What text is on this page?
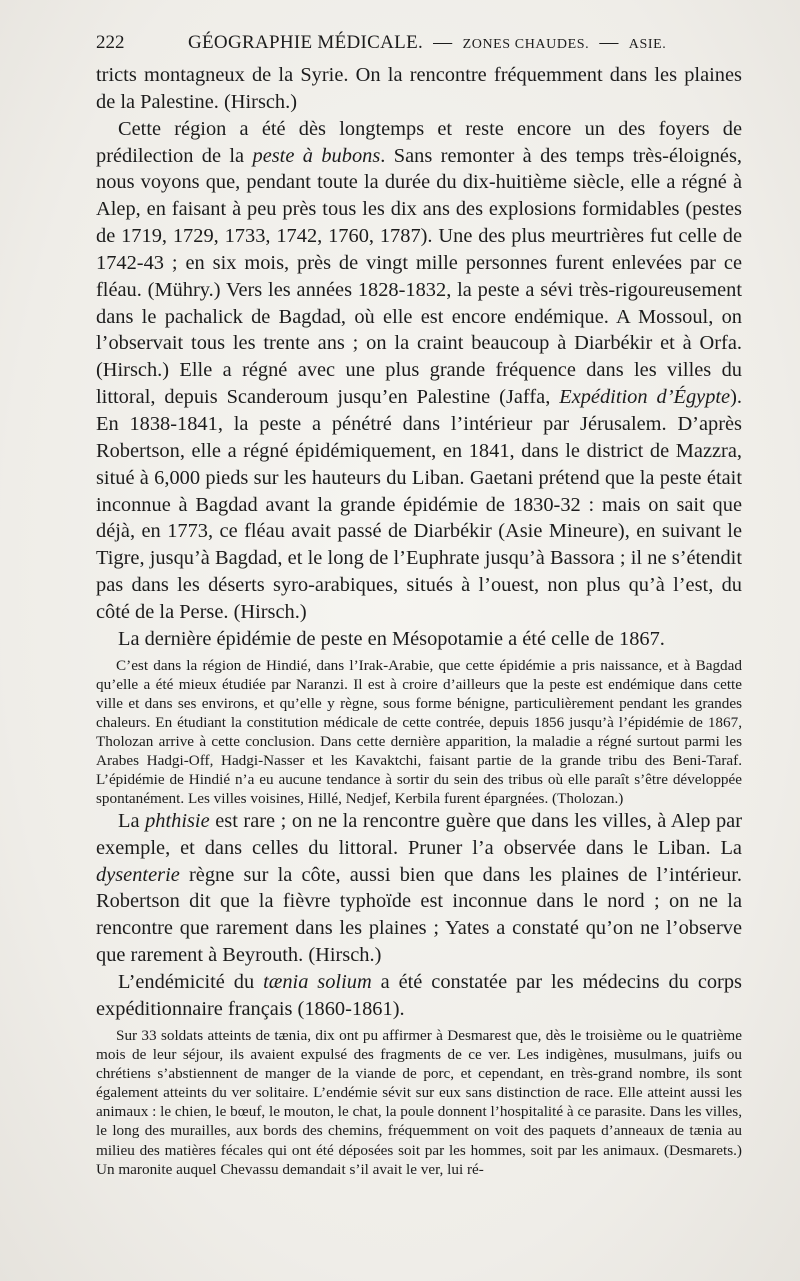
222	GÉOGRAPHIE MÉDICALE. — ZONES CHAUDES. — ASIE.

tricts montagneux de la Syrie. On la rencontre fréquemment dans les plaines de la Palestine. (Hirsch.)

Cette région a été dès longtemps et reste encore un des foyers de prédilection de la peste à bubons. Sans remonter à des temps très-éloignés, nous voyons que, pendant toute la durée du dix-huitième siècle, elle a régné à Alep, en faisant à peu près tous les dix ans des explosions formidables (pestes de 1719, 1729, 1733, 1742, 1760, 1787). Une des plus meurtrières fut celle de 1742-43 ; en six mois, près de vingt mille personnes furent enlevées par ce fléau. (Mühry.) Vers les années 1828-1832, la peste a sévi très-rigoureusement dans le pachalick de Bagdad, où elle est encore endémique. A Mossoul, on l’observait tous les trente ans ; on la craint beaucoup à Diarbékir et à Orfa. (Hirsch.) Elle a régné avec une plus grande fréquence dans les villes du littoral, depuis Scanderoum jusqu’en Palestine (Jaffa, Expédition d’Égypte). En 1838-1841, la peste a pénétré dans l’intérieur par Jérusalem. D’après Robertson, elle a régné épidémiquement, en 1841, dans le district de Mazzra, situé à 6,000 pieds sur les hauteurs du Liban. Gaetani prétend que la peste était inconnue à Bagdad avant la grande épidémie de 1830-32 : mais on sait que déjà, en 1773, ce fléau avait passé de Diarbékir (Asie Mineure), en suivant le Tigre, jusqu’à Bagdad, et le long de l’Euphrate jusqu’à Bassora ; il ne s’étendit pas dans les déserts syro-arabiques, situés à l’ouest, non plus qu’à l’est, du côté de la Perse. (Hirsch.)

La dernière épidémie de peste en Mésopotamie a été celle de 1867.

C’est dans la région de Hindié, dans l’Irak-Arabie, que cette épidémie a pris naissance, et à Bagdad qu’elle a été mieux étudiée par Naranzi. Il est à croire d’ailleurs que la peste est endémique dans cette ville et dans ses environs, et qu’elle y règne, sous forme bénigne, particulièrement pendant les grandes chaleurs. En étudiant la constitution médicale de cette contrée, depuis 1856 jusqu’à l’épidémie de 1867, Tholozan arrive à cette conclusion. Dans cette dernière apparition, la maladie a régné surtout parmi les Arabes Hadgi-Off, Hadgi-Nasser et les Kavaktchi, faisant partie de la grande tribu des Beni-Taraf. L’épidémie de Hindié n’a eu aucune tendance à sortir du sein des tribus où elle paraît s’être développée spontanément. Les villes voisines, Hillé, Nedjef, Kerbila furent épargnées. (Tholozan.)

La phthisie est rare ; on ne la rencontre guère que dans les villes, à Alep par exemple, et dans celles du littoral. Pruner l’a observée dans le Liban. La dysenterie règne sur la côte, aussi bien que dans les plaines de l’intérieur. Robertson dit que la fièvre typhoïde est inconnue dans le nord ; on ne la rencontre que rarement dans les plaines ; Yates a constaté qu’on ne l’observe que rarement à Beyrouth. (Hirsch.)

L’endémicité du tænia solium a été constatée par les médecins du corps expéditionnaire français (1860-1861).

Sur 33 soldats atteints de tænia, dix ont pu affirmer à Desmarest que, dès le troisième ou le quatrième mois de leur séjour, ils avaient expulsé des fragments de ce ver. Les indigènes, musulmans, juifs ou chrétiens s’abstiennent de manger de la viande de porc, et cependant, en très-grand nombre, ils sont également atteints du ver solitaire. L’endémie sévit sur eux sans distinction de race. Elle atteint aussi les animaux : le chien, le bœuf, le mouton, le chat, la poule donnent l’hospitalité à ce parasite. Dans les villes, le long des murailles, aux bords des chemins, fréquemment on voit des paquets d’anneaux de tænia au milieu des matières fécales qui ont été déposées soit par les hommes, soit par les animaux. (Desmarets.) Un maronite auquel Chevassu demandait s’il avait le ver, lui ré-
